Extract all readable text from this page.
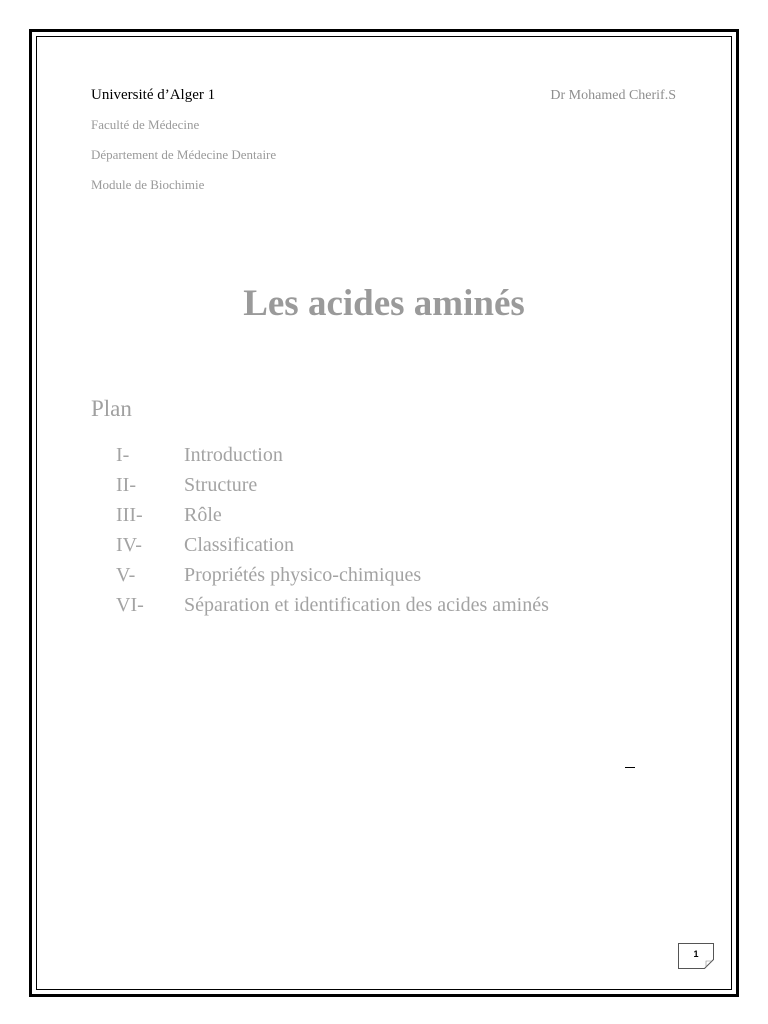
Université d’Alger 1
Faculté de Médecine
Département de Médecine Dentaire
Module de Biochimie
Dr Mohamed Cherif.S
Les acides aminés
Plan
I-	Introduction
II- Structure
III- Rôle
IV- Classification
V- Propriétés physico-chimiques
VI- Séparation et identification des acides aminés
1
